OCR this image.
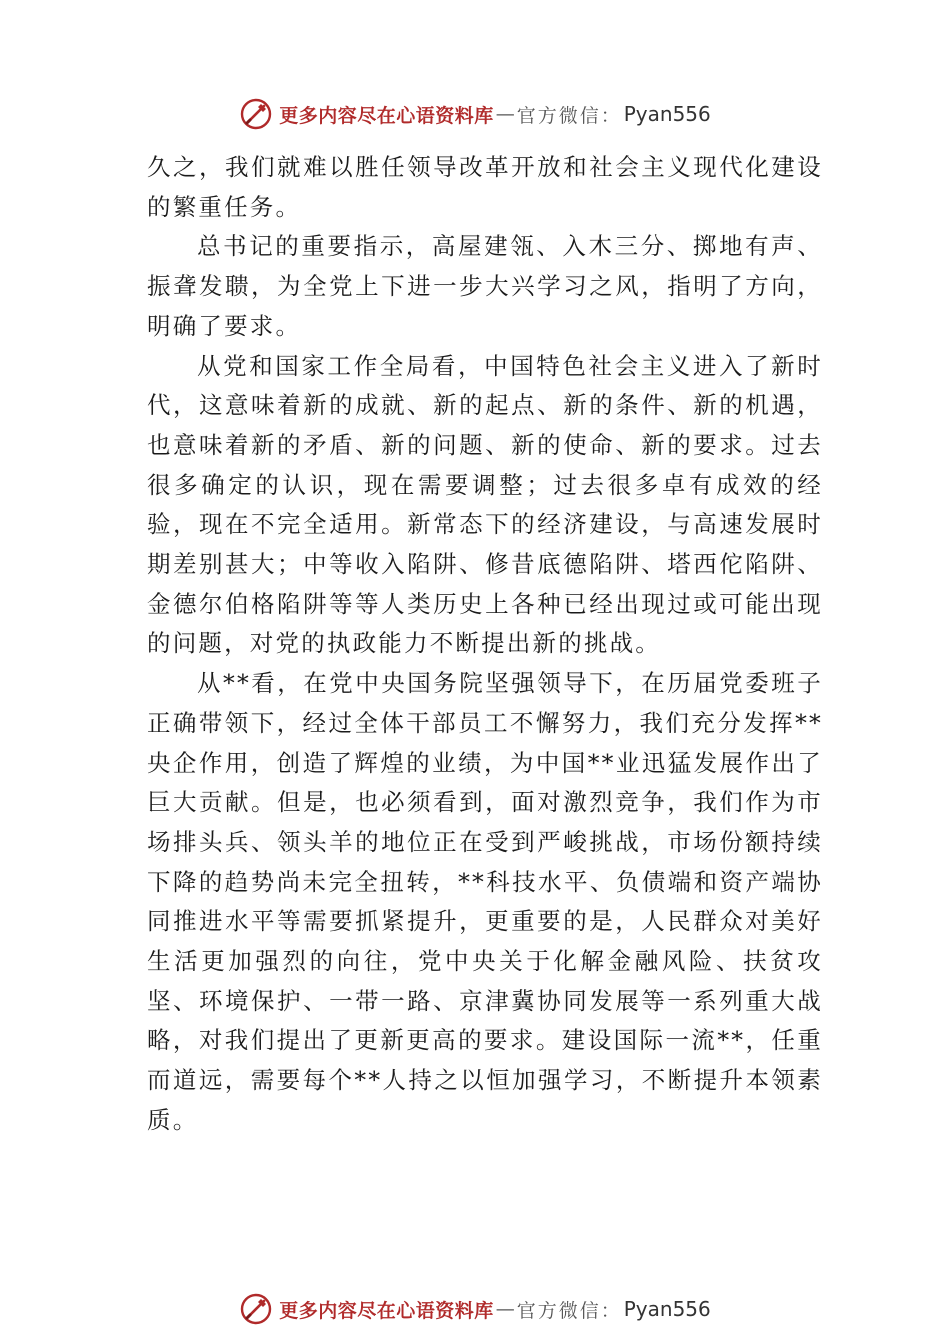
更多内容尽在心语资料库 — 官方微信： Pyan556

久之，我们就难以胜任领导改革开放和社会主义现代化建设的繁重任务。

总书记的重要指示，高屋建瓴、入木三分、掷地有声、振聋发聩，为全党上下进一步大兴学习之风，指明了方向，明确了要求。

从党和国家工作全局看，中国特色社会主义进入了新时代，这意味着新的成就、新的起点、新的条件、新的机遇，也意味着新的矛盾、新的问题、新的使命、新的要求。过去很多确定的认识，现在需要调整；过去很多卓有成效的经验，现在不完全适用。新常态下的经济建设，与高速发展时期差别甚大；中等收入陷阱、修昔底德陷阱、塔西佗陷阱、金德尔伯格陷阱等等人类历史上各种已经出现过或可能出现的问题，对党的执政能力不断提出新的挑战。

从**看，在党中央国务院坚强领导下，在历届党委班子正确带领下，经过全体干部员工不懈努力，我们充分发挥**央企作用，创造了辉煌的业绩，为中国**业迅猛发展作出了巨大贡献。但是，也必须看到，面对激烈竞争，我们作为市场排头兵、领头羊的地位正在受到严峻挑战，市场份额持续下降的趋势尚未完全扭转，**科技水平、负债端和资产端协同推进水平等需要抓紧提升，更重要的是，人民群众对美好生活更加强烈的向往，党中央关于化解金融风险、扶贫攻坚、环境保护、一带一路、京津冀协同发展等一系列重大战略，对我们提出了更新更高的要求。建设国际一流**，任重而道远，需要每个**人持之以恒加强学习，不断提升本领素质。

更多内容尽在心语资料库 — 官方微信： Pyan556
